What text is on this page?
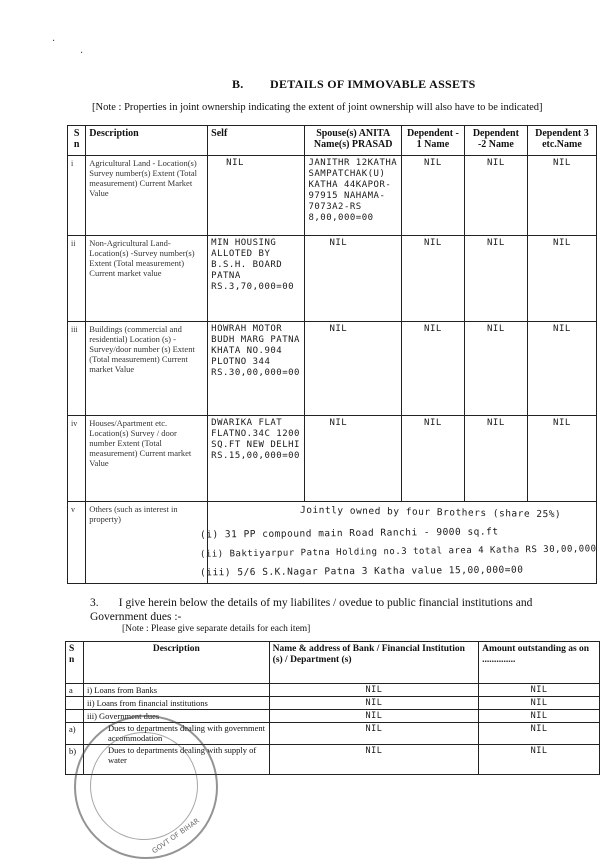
·
·
B. DETAILS OF IMMOVABLE ASSETS
[Note : Properties in joint ownership indicating the extent of joint ownership will also have to be indicated]
S n	Description	Self	Spouse(s) ANITA Name(s) PRASAD	Dependent - 1 Name	Dependent -2 Name	Dependent 3 etc.Name
i	Agricultural Land - Location(s) Survey number(s) Extent (Total measurement) Current Market Value	NIL	JANITHR 12KATHA SAMPATCHAK(U) KATHA 44KAPOR-97915 NAHAMA-7073A2-RS 8,00,000=00	NIL	NIL	NIL
ii	Non-Agricultural Land-Location(s) -Survey number(s) Extent (Total measurement) Current market value	MIN HOUSING ALLOTED BY B.S.H. BOARD PATNA RS.3,70,000=00	NIL	NIL	NIL	NIL
iii	Buildings (commercial and residential) Location (s) - Survey/door number (s) Extent (Total measurement) Current market Value	HOWRAH MOTOR BUDH MARG PATNA KHATA NO.904 PLOTNO 344 RS.30,00,000=00	NIL	NIL	NIL	NIL
iv	Houses/Apartment etc. Location(s) Survey / door number Extent (Total measurement) Current market Value	DWARIKA FLAT FLATNO.34C 1200 SQ.FT NEW DELHI RS.15,00,000=00	NIL	NIL	NIL	NIL
v	Others (such as interest in property)						Jointly owned by four Brothers (share 25%)
(i) 31 PP compound main Road Ranchi - 9000 sq.ft
(ii) Baktiyarpur Patna Holding no.3 total area 4 Katha RS 30,00,000
(iii) 5/6 S.K.Nagar Patna 3 Katha value 15,00,000=00
3. I give herein below the details of my liabilites / ovedue to public financial institutions and Government dues :-
[Note : Please give separate details for each item]
S n	Description	Name & address of Bank / Financial Institution (s) / Department (s)	Amount outstanding as on ..............
a	i) Loans from Banks	NIL	NIL
	ii) Loans from financial institutions	NIL	NIL
	iii) Government dues	NIL	NIL
a)	Dues to departments dealing with government accommodation	NIL	NIL
b)	Dues to departments dealing with supply of water	NIL	NIL
GOVT OF BIHAR
